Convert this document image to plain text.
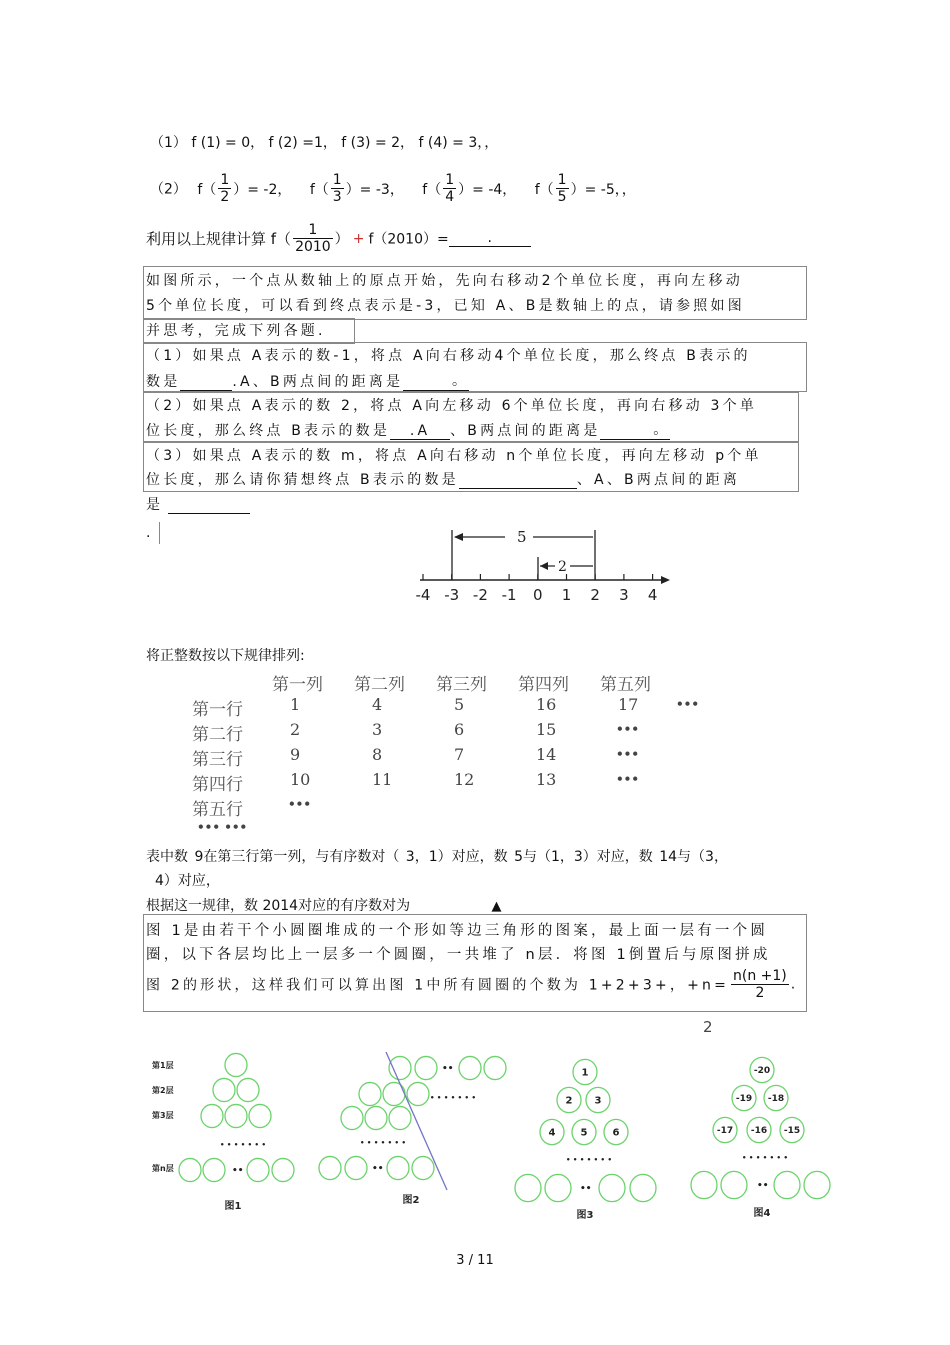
（1） f (1) = 0， f (2) =1， f (3) = 2， f (4) = 3，，
（2） $f( \frac{1}{2}$ ）= -2， $f( \frac{1}{3}$ ）= -3， $f( \frac{1}{4}$ ）= -4， $f( \frac{1}{5}$ ）= -5，，
利用以上规律计算 $f( \frac{1}{2010}$ ） + f（2010）=	.
如图所示，一个点从数轴上的原点开始，先向右移动2个单位长度，再向左移动
5个单位长度，可以看到终点表示是-3，已知 A、B是数轴上的点，请参照如图
并思考，完成下列各题.
（1）如果点 A表示的数-1，将点 A向右移动4个单位长度，那么终点 B表示的
数是	.A、B两点间的距离是	。
（2）如果点 A表示的数 2，将点 A向左移动 6个单位长度，再向右移动 3个单
位长度，那么终点 B表示的数是 .A 、B两点间的距离是	。
（3）如果点 A表示的数 m，将点 A向右移动 n个单位长度，再向左移动 p个单
位长度，那么请你猜想终点 B表示的数是	、A、B两点间的距离
是
.
-4 -3 -2 -1 0 1 2 3 4
5
2
将正整数按以下规律排列:
第一列 第二列 第三列 第四列 第五列
第一行	1	4	5	16	17	•••
第二行	2	3	6	15	•••
第三行	9	8	7	14	•••
第四行	10	11	12	13	•••
第五行	•••
••• •••
表中数 9在第三行第一列，与有序数对（ 3，1）对应，数 5与（1，3）对应，数 14与（3，
4）对应，
根据这一规律，数 2014对应的有序数对为	▲
图 1是由若干个小圆圈堆成的一个形如等边三角形的图案，最上面一层有一个圆
圈，以下各层均比上一层多一个圆圈，一共堆了 n层．将图 1倒置后与原图拼成
图 2的形状，这样我们可以算出图 1中所有圆圈的个数为 1+2+3+，$+n= \frac{n(n +1)}{2}$ .
2
第1层
第2层
第3层
第n层
• • • • • • •
••
••
• • • • • • •
• • • • • • •
••
1
2 3
4	5	6
• • • • • • •
••
-20
-19 -18
-17 -16 -15
• • • • • • •
••
图1
图2
图3	图4
3 / 11
